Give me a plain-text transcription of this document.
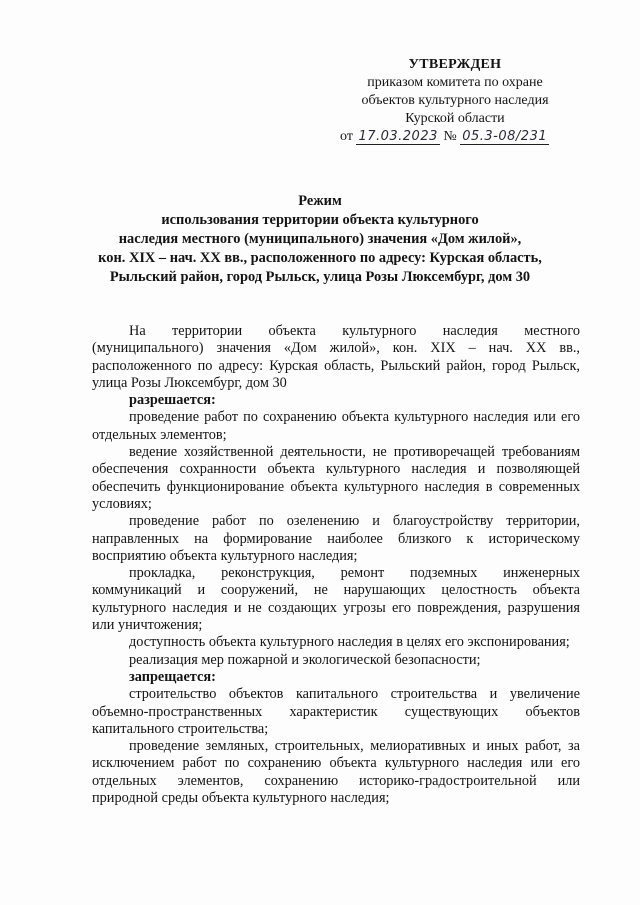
УТВЕРЖДЕН
приказом комитета по охране
объектов культурного наследия
Курской области
от 17.03.2023 № 05.3-08/231
Режим
использования территории объекта культурного
наследия местного (муниципального) значения «Дом жилой»,
кон. XIX – нач. XX вв., расположенного по адресу: Курская область,
Рыльский район, город Рыльск, улица Розы Люксембург, дом 30

На территории объекта культурного наследия местного (муниципального) значения «Дом жилой», кон. XIX – нач. XX вв., расположенного по адресу: Курская область, Рыльский район, город Рыльск, улица Розы Люксембург, дом 30

разрешается:

проведение работ по сохранению объекта культурного наследия или его отдельных элементов;

ведение хозяйственной деятельности, не противоречащей требованиям обеспечения сохранности объекта культурного наследия и позволяющей обеспечить функционирование объекта культурного наследия в современных условиях;

проведение работ по озеленению и благоустройству территории, направленных на формирование наиболее близкого к историческому восприятию объекта культурного наследия;

прокладка, реконструкция, ремонт подземных инженерных коммуникаций и сооружений, не нарушающих целостность объекта культурного наследия и не создающих угрозы его повреждения, разрушения или уничтожения;

доступность объекта культурного наследия в целях его экспонирования;

реализация мер пожарной и экологической безопасности;

запрещается:

строительство объектов капитального строительства и увеличение объемно-пространственных характеристик существующих объектов капитального строительства;

проведение земляных, строительных, мелиоративных и иных работ, за исключением работ по сохранению объекта культурного наследия или его отдельных элементов, сохранению историко-градостроительной или природной среды объекта культурного наследия;
